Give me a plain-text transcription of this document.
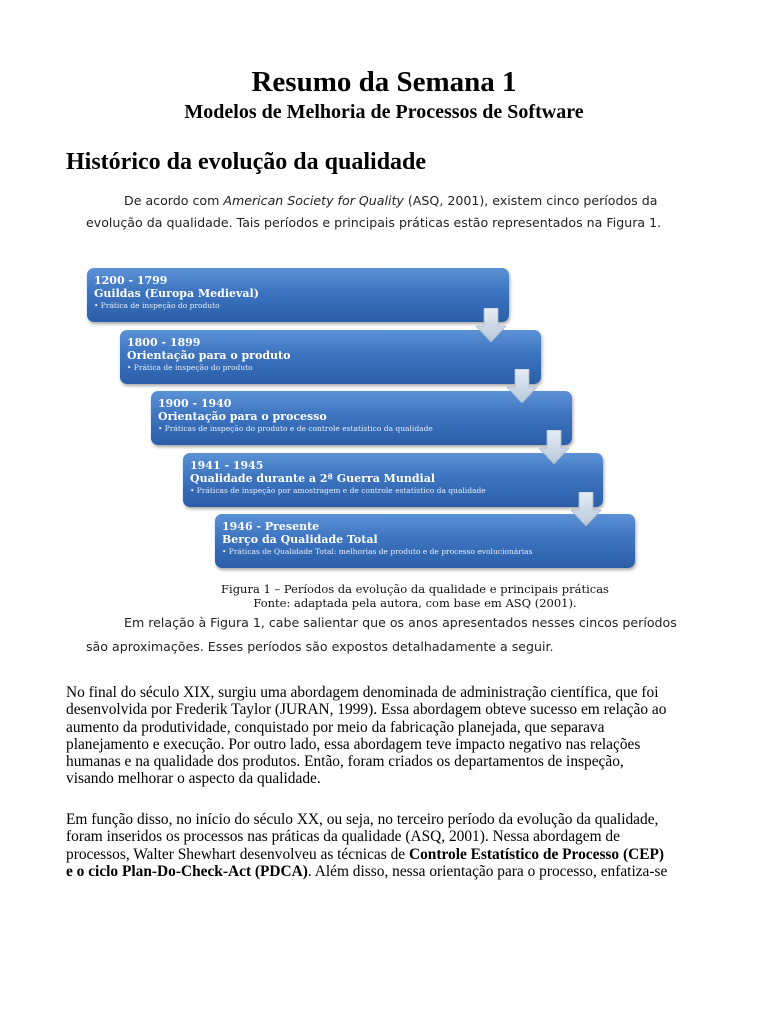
Resumo da Semana 1
Modelos de Melhoria de Processos de Software
Histórico da evolução da qualidade
De acordo com American Society for Quality (ASQ, 2001), existem cinco períodos da
evolução da qualidade. Tais períodos e principais práticas estão representados na Figura 1.
1200 - 1799
Guildas (Europa Medieval)
• Prática de inspeção do produto
1800 - 1899
Orientação para o produto
• Prática de inspeção do produto
1900 - 1940
Orientação para o processo
• Práticas de inspeção do produto e de controle estatístico da qualidade
1941 - 1945
Qualidade durante a 2ª Guerra Mundial
• Práticas de inspeção por amostragem e de controle estatístico da qualidade
1946 - Presente
Berço da Qualidade Total
• Práticas de Qualidade Total: melhorias de produto e de processo evolucionárias
Figura 1 – Períodos da evolução da qualidade e principais práticas
Fonte: adaptada pela autora, com base em ASQ (2001).
Em relação à Figura 1, cabe salientar que os anos apresentados nesses cincos períodos
são aproximações. Esses períodos são expostos detalhadamente a seguir.
No final do século XIX, surgiu uma abordagem denominada de administração científica, que foi
desenvolvida por Frederik Taylor (JURAN, 1999). Essa abordagem obteve sucesso em relação ao
aumento da produtividade, conquistado por meio da fabricação planejada, que separava
planejamento e execução. Por outro lado, essa abordagem teve impacto negativo nas relações
humanas e na qualidade dos produtos. Então, foram criados os departamentos de inspeção,
visando melhorar o aspecto da qualidade.
Em função disso, no início do século XX, ou seja, no terceiro período da evolução da qualidade,
foram inseridos os processos nas práticas da qualidade (ASQ, 2001). Nessa abordagem de
processos, Walter Shewhart desenvolveu as técnicas de Controle Estatístico de Processo (CEP)
e o ciclo Plan-Do-Check-Act (PDCA). Além disso, nessa orientação para o processo, enfatiza-se
